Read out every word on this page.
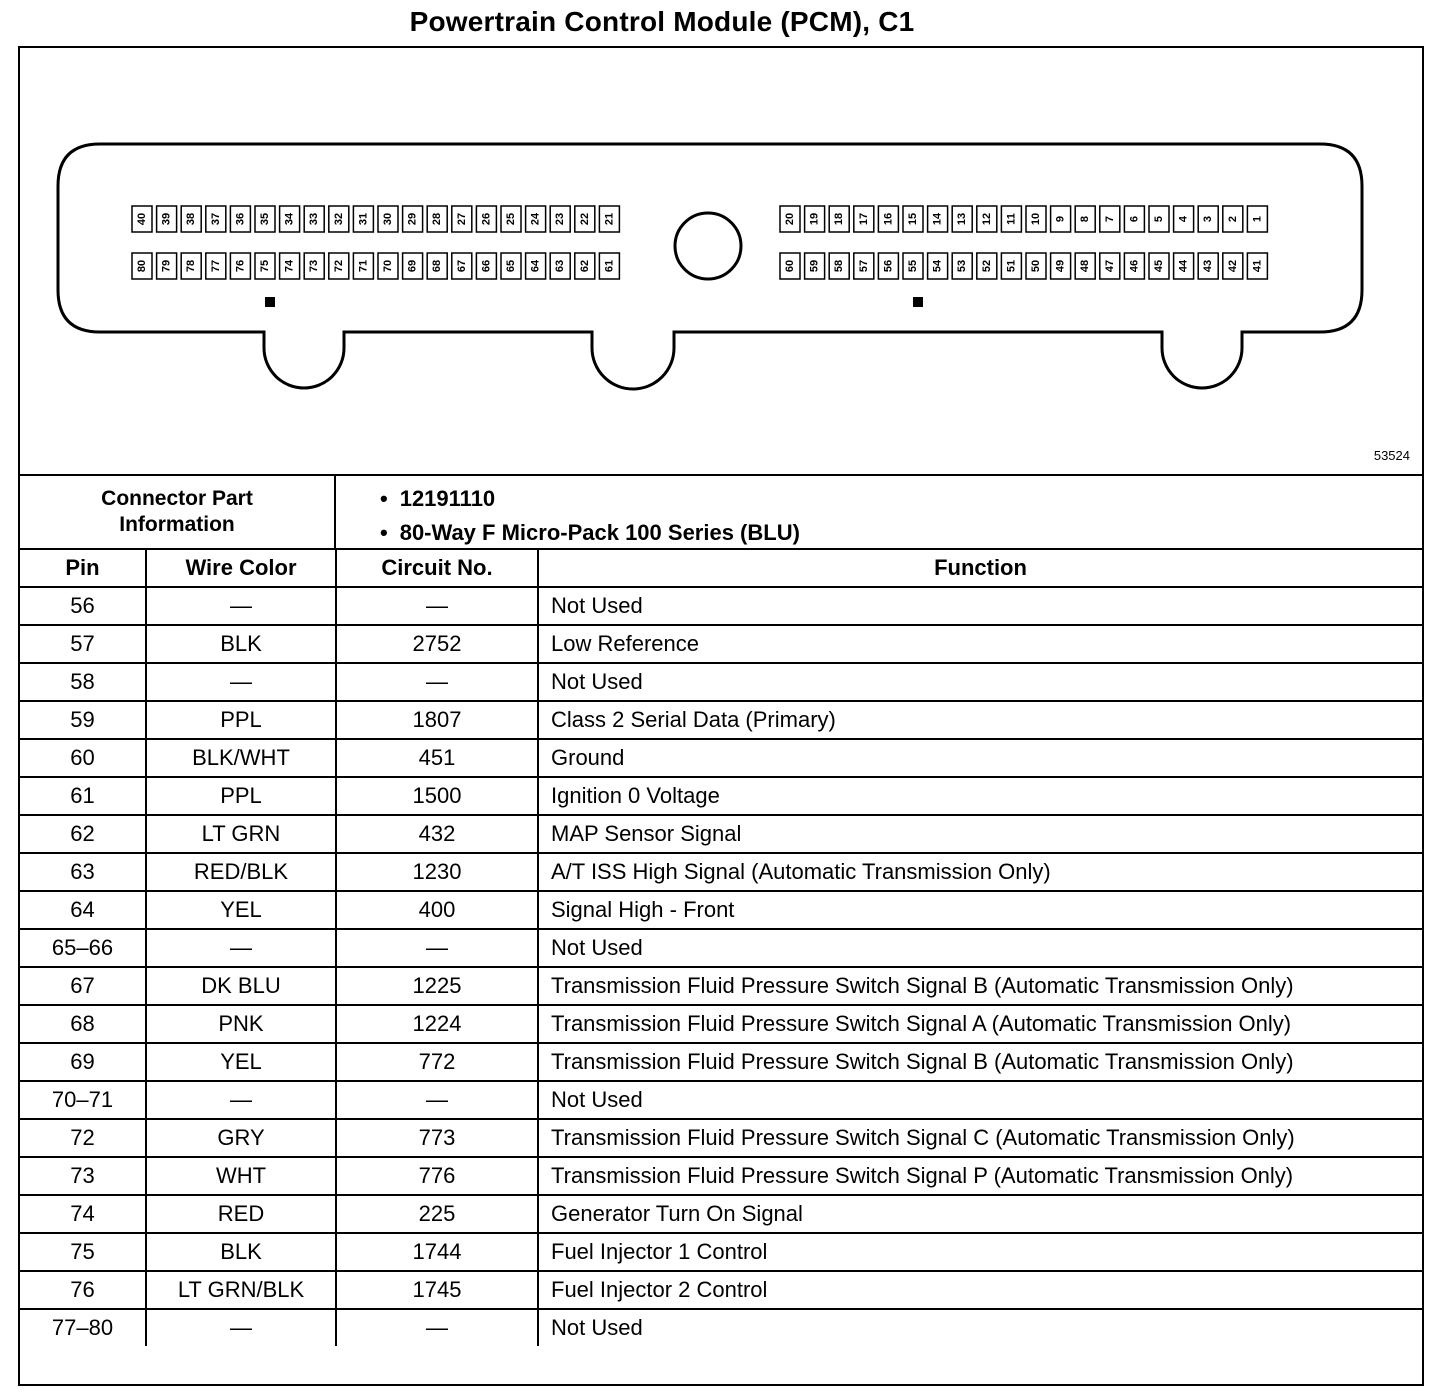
Powertrain Control Module (PCM), C1
40 39 38 37 36 35 34 33 32 31 30 29 28 27 26 25 24 23 22 21
80 79 78 77 76 75 74 73 72 71 70 69 68 67 66 65 64 63 62 61
20 19 18 17 16 15 14 13 12 11 10 9 8 7 6 5 4 3 2 1
60 59 58 57 56 55 54 53 52 51 50 49 48 47 46 45 44 43 42 41
53524
Connector Part Information
• 12191110
• 80-Way F Micro-Pack 100 Series (BLU)
Pin	Wire Color	Circuit No.	Function
56	—	—	Not Used
57	BLK	2752	Low Reference
58	—	—	Not Used
59	PPL	1807	Class 2 Serial Data (Primary)
60	BLK/WHT	451	Ground
61	PPL	1500	Ignition 0 Voltage
62	LT GRN	432	MAP Sensor Signal
63	RED/BLK	1230	A/T ISS High Signal (Automatic Transmission Only)
64	YEL	400	Signal High - Front
65–66	—	—	Not Used
67	DK BLU	1225	Transmission Fluid Pressure Switch Signal B (Automatic Transmission Only)
68	PNK	1224	Transmission Fluid Pressure Switch Signal A (Automatic Transmission Only)
69	YEL	772	Transmission Fluid Pressure Switch Signal B (Automatic Transmission Only)
70–71	—	—	Not Used
72	GRY	773	Transmission Fluid Pressure Switch Signal C (Automatic Transmission Only)
73	WHT	776	Transmission Fluid Pressure Switch Signal P (Automatic Transmission Only)
74	RED	225	Generator Turn On Signal
75	BLK	1744	Fuel Injector 1 Control
76	LT GRN/BLK	1745	Fuel Injector 2 Control
77–80	—	—	Not Used
